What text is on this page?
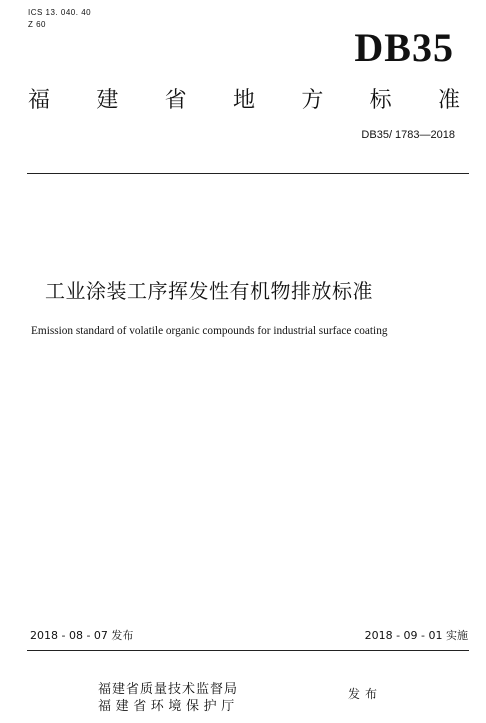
ICS 13. 040. 40
Z 60
DB35
福 建 省 地 方 标 准
DB35/ 1783—2018
工业涂装工序挥发性有机物排放标准
Emission standard of volatile organic compounds for industrial surface coating
2018 - 08 - 07 发布	2018 - 09 - 01 实施
福建省质量技术监督局
福建省环境保护厅
发布
